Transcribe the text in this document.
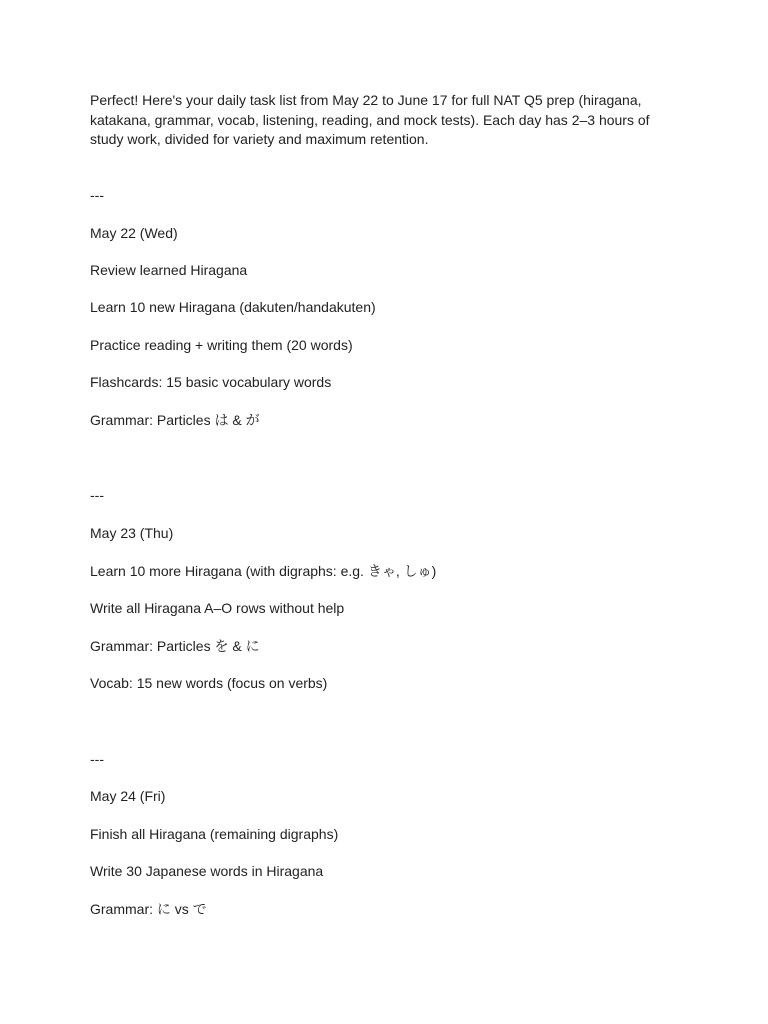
Perfect! Here's your daily task list from May 22 to June 17 for full NAT Q5 prep (hiragana, katakana, grammar, vocab, listening, reading, and mock tests). Each day has 2–3 hours of study work, divided for variety and maximum retention.

---

May 22 (Wed)

Review learned Hiragana

Learn 10 new Hiragana (dakuten/handakuten)

Practice reading + writing them (20 words)

Flashcards: 15 basic vocabulary words

Grammar: Particles は & が

---

May 23 (Thu)

Learn 10 more Hiragana (with digraphs: e.g. きゃ, しゅ)

Write all Hiragana A–O rows without help

Grammar: Particles を & に

Vocab: 15 new words (focus on verbs)

---

May 24 (Fri)

Finish all Hiragana (remaining digraphs)

Write 30 Japanese words in Hiragana

Grammar: に vs で
